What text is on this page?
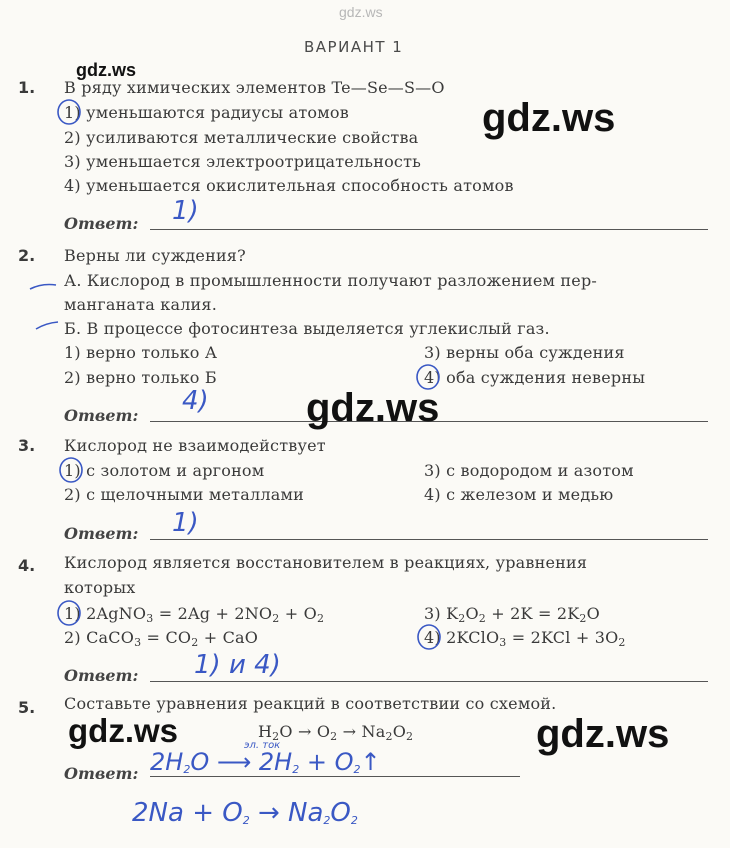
gdz.ws
ВАРИАНТ 1
1.
gdz.ws
В ряду химических элементов Te—Se—S—O
1) уменьшаются радиусы атомов
2) усиливаются металлические свойства
3) уменьшается электроотрицательность
4) уменьшается окислительная способность атомов
gdz.ws
Ответ: 1)
2. Верны ли суждения?
А. Кислород в промышленности получают разложением пер-
манганата калия.
Б. В процессе фотосинтеза выделяется углекислый газ.
1) верно только А
2) верно только Б
3) верны оба суждения
4) оба суждения неверны
Ответ: 4) gdz.ws
3. Кислород не взаимодействует
1) с золотом и аргоном
2) с щелочными металлами
3) с водородом и азотом
4) с железом и медью
Ответ: 1)
4. Кислород является восстановителем в реакциях, уравнения
которых
1) 2AgNO$_3$ = $2Ag + 2NO_2 + O_2$
2) CaCO$_3$ = $CO_2$ + CaO
3) $K_2O_2 + 2K = 2K_2O$
4) 2KClO$_3$ = $2KCl + 3O_2$
Ответ: 1) и 4)
5. Составьте уравнения реакций в соответствии со схемой.
gdz.ws	$H_2O \to O_2 \to Na_2O_2$	gdz.ws
Ответ: $2H_2O$ ⟶ $2H_2$ + $O_2↑$
эл. ток
$2Na + O_2 \to Na_2O_2$
